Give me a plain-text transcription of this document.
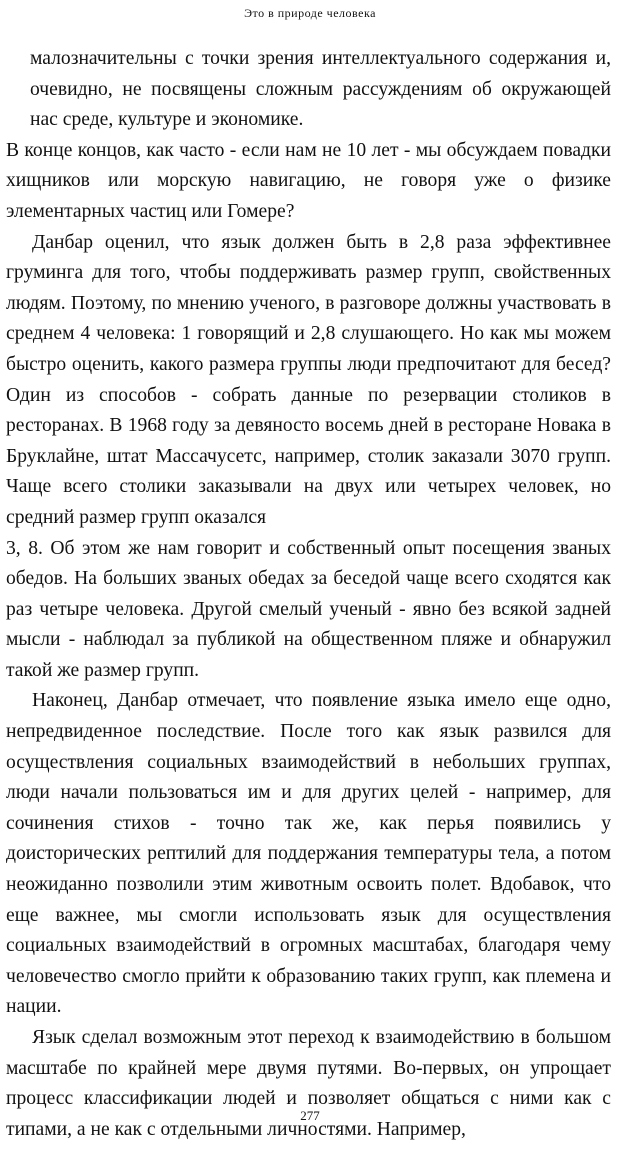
Это в природе человека

малозначительны с точки зрения интеллектуального содержания и, очевидно, не посвящены сложным рассуждениям об окружающей нас среде, культуре и экономике.

В конце концов, как часто - если нам не 10 лет - мы обсуждаем повадки хищников или морскую навигацию, не говоря уже о физике элементарных частиц или Гомере?

Данбар оценил, что язык должен быть в 2,8 раза эффективнее груминга для того, чтобы поддерживать размер групп, свойственных людям. Поэтому, по мнению ученого, в разговоре должны участвовать в среднем 4 человека: 1 говорящий и 2,8 слушающего. Но как мы можем быстро оценить, какого размера группы люди предпочитают для бесед? Один из способов - собрать данные по резервации столиков в ресторанах. В 1968 году за девяносто восемь дней в ресторане Новака в Бруклайне, штат Массачусетс, например, столик заказали 3070 групп. Чаще всего столики заказывали на двух или четырех человек, но средний размер групп оказался

3, 8. Об этом же нам говорит и собственный опыт посещения званых обедов. На больших званых обедах за беседой чаще всего сходятся как раз четыре человека. Другой смелый ученый - явно без всякой задней мысли - наблюдал за публикой на общественном пляже и обнаружил такой же размер групп.

Наконец, Данбар отмечает, что появление языка имело еще одно, непредвиденное последствие. После того как язык развился для осуществления социальных взаимодействий в небольших группах, люди начали пользоваться им и для других целей - например, для сочинения стихов - точно так же, как перья появились у доисторических рептилий для поддержания температуры тела, а потом неожиданно позволили этим животным освоить полет. Вдобавок, что еще важнее, мы смогли использовать язык для осуществления социальных взаимодействий в огромных масштабах, благодаря чему человечество смогло прийти к образованию таких групп, как племена и нации.

Язык сделал возможным этот переход к взаимодействию в большом масштабе по крайней мере двумя путями. Во-первых, он упрощает процесс классификации людей и позволяет общаться с ними как с типами, а не как с отдельными личностями. Например,

277
